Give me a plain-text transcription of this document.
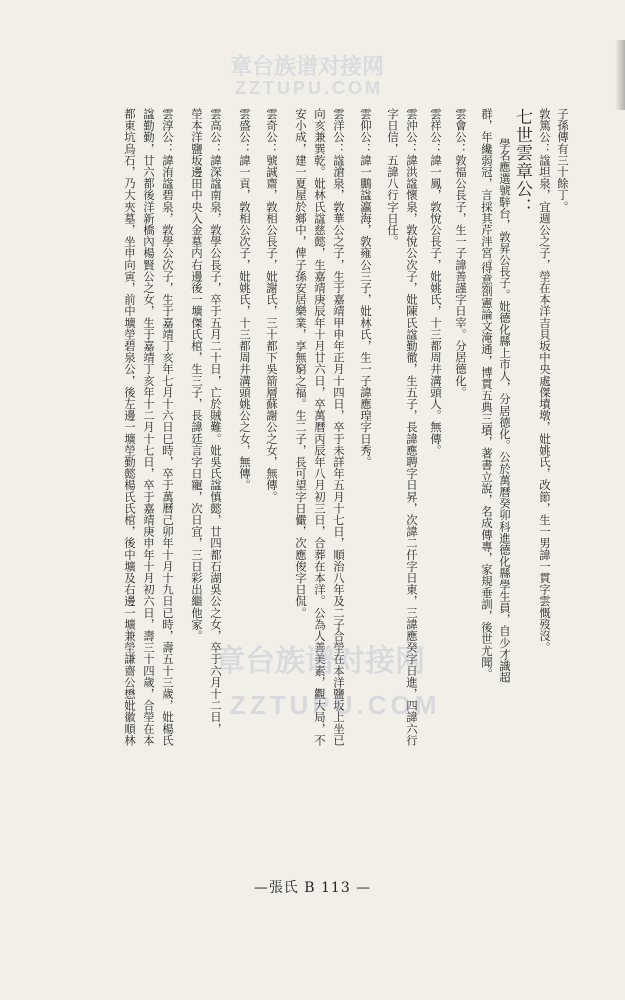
子孫傳有三十餘丁。
敦篤公：諡坦泉，宜週公之子，塋在本洋吉貝坂中央處傑墳墩，妣姚氏，改節，生一男諱一貫字雲慨歿沒。
七世雲章公：
學名應選號騂台，敦昇公長子。妣德化縣上市人，分居德化。公於萬曆癸卯科進德化縣學生員，自少才識超
群，年纔弱冠，言採其芹泮宮。
得意劄憲論文淹通，博貫五典三墳，著書立說，名成傳專，家規垂訓，後世尤聞。
雲會公：敦福公長子，生一子諱善謹字日宰。分居德化。
雲祥公：諱一鳳，敦悅公長子，妣姚氏，十三都周井溝頭人。無傳。
雲沖公：諱洪諡懷泉，敦悅公次子，妣陳氏諡勤徹，生五子，長諱應聘字日昇，次諱二仟字日東，三諱應癸字日進，四諱六行
字日信，五諱八行字日任。
雲仰公：諱一鵬諡瀛海，敦雍公三子，妣林氏，生一子諱應瑝字日秀。
雲洋公：諡滄泉，敦華公之子，生于嘉靖甲申年正月十四日，卒于未詳年五月十七日，順治八年及二子合塋在本洋鹽坂上坐已
向亥兼巽乾。妣林氏諡慈懿，生嘉靖庚辰年十月廿六日，卒萬曆丙辰年八月初三日，合葬在本洋。公為人善美素，觀大局，不
安小成，建一夏屋於鄉中，俾子孫安居樂業，享無窮之福。生二子，長可望字日儼，次應俊字日侃。
雲奇公：號誠齋，敦相公長子，妣謝氏，三十都下吳箭層蘇謝公之女，無傳。
雲盛公：諱一貢，敦相公次子，妣姚氏，十三都周井溝頭姚公之女，無傳。
雲高公：諱深諡南泉，敦學公長子，卒于五月二十日，亡於賊難。妣吳氏諡慎懿，廿四都石湖吳公之女，卒于六月十二日，
塋本洋鹽坂邊田中央入金墓内右邊後一壙傑氏棺，生三子，長諱廷言字日寵，次日宜，三日彩出繼他家。
雲淳公：諱洧諡碧泉，敦學公次子，生于嘉靖丁亥年七月十六日巳時，卒于萬曆己卯年十月十九日已時，壽五十三歲，妣楊氏
諡勤勤，廿六都後洋新橋內楊賢公之女，生于嘉靖丁亥年十二月十七日，卒于嘉靖庚申年十月初六日，壽三十四歲，合塋在本
都東坑烏石，乃大夾墓，坐申向寅，前中壙塋碧泉公，後左邊一壙塋勤懿楊氏氏棺，後中壙及右邊一壙兼塋謙齋公懋妣徽順林
章台族谱对接网
ZZTUPU.COM
章台族谱对接网
ZZTUPU.COM
—張氏 B 113 —
